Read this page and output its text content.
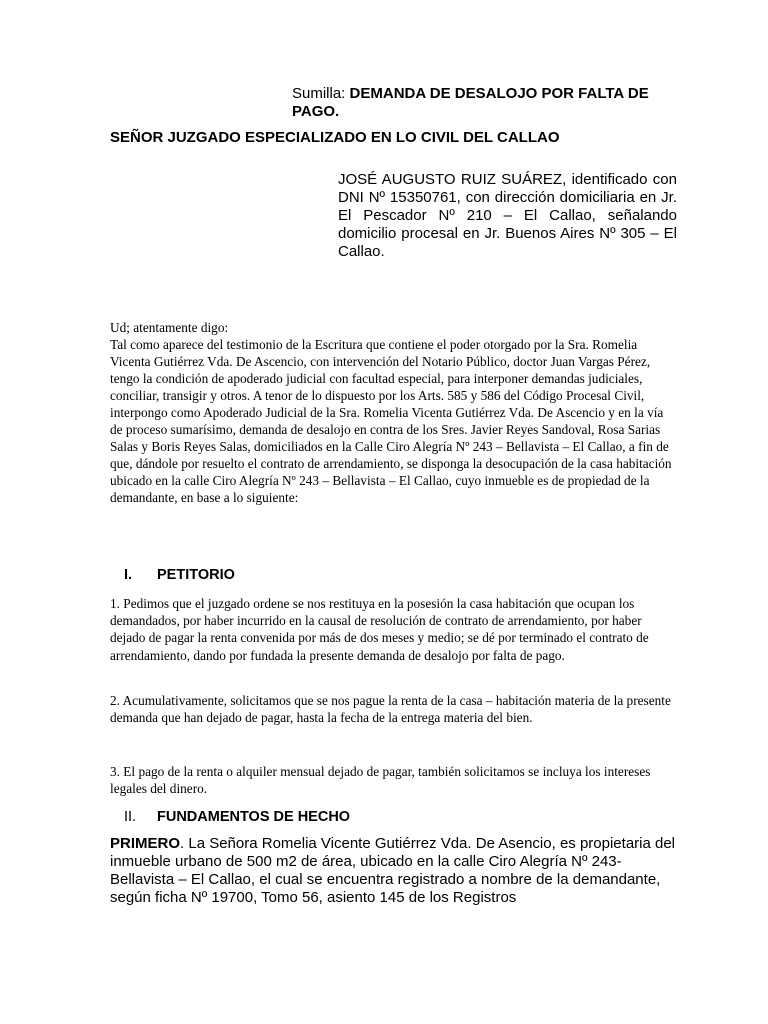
Sumilla: DEMANDA DE DESALOJO POR FALTA DE PAGO.
SEÑOR JUZGADO ESPECIALIZADO EN LO CIVIL DEL CALLAO
JOSÉ AUGUSTO RUIZ SUÁREZ, identificado con DNI Nº 15350761, con dirección domiciliaria en Jr. El Pescador Nº 210 – El Callao, señalando domicilio procesal en Jr. Buenos Aires Nº 305 – El Callao.

Ud; atentamente digo:

Tal como aparece del testimonio de la Escritura que contiene el poder otorgado por la Sra. Romelia Vicenta Gutiérrez Vda. De Ascencio, con intervención del Notario Público, doctor Juan Vargas Pérez, tengo la condición de apoderado judicial con facultad especial, para interponer demandas judiciales, conciliar, transigir y otros. A tenor de lo dispuesto por los Arts. 585 y 586 del Código Procesal Civil, interpongo como Apoderado Judicial de la Sra. Romelia Vicenta Gutiérrez Vda. De Ascencio y en la vía de proceso sumarísimo, demanda de desalojo en contra de los Sres. Javier Reyes Sandoval, Rosa Sarias Salas y Boris Reyes Salas, domiciliados en la Calle Ciro Alegría Nº 243 – Bellavista – El Callao, a fin de que, dándole por resuelto el contrato de arrendamiento, se disponga la desocupación de la casa habitación ubicado en la calle Ciro Alegría Nº 243 – Bellavista – El Callao, cuyo inmueble es de propiedad de la demandante, en base a lo siguiente:

I. PETITORIO

1. Pedimos que el juzgado ordene se nos restituya en la posesión la casa habitación que ocupan los demandados, por haber incurrido en la causal de resolución de contrato de arrendamiento, por haber dejado de pagar la renta convenida por más de dos meses y medio; se dé por terminado el contrato de arrendamiento, dando por fundada la presente demanda de desalojo por falta de pago.

2. Acumulativamente, solicitamos que se nos pague la renta de la casa – habitación materia de la presente demanda que han dejado de pagar, hasta la fecha de la entrega materia del bien.

3. El pago de la renta o alquiler mensual dejado de pagar, también solicitamos se incluya los intereses legales del dinero.

II. FUNDAMENTOS DE HECHO

PRIMERO. La Señora Romelia Vicente Gutiérrez Vda. De Asencio, es propietaria del inmueble urbano de 500 m2 de área, ubicado en la calle Ciro Alegría Nº 243- Bellavista – El Callao, el cual se encuentra registrado a nombre de la demandante, según ficha Nº 19700, Tomo 56, asiento 145 de los Registros
